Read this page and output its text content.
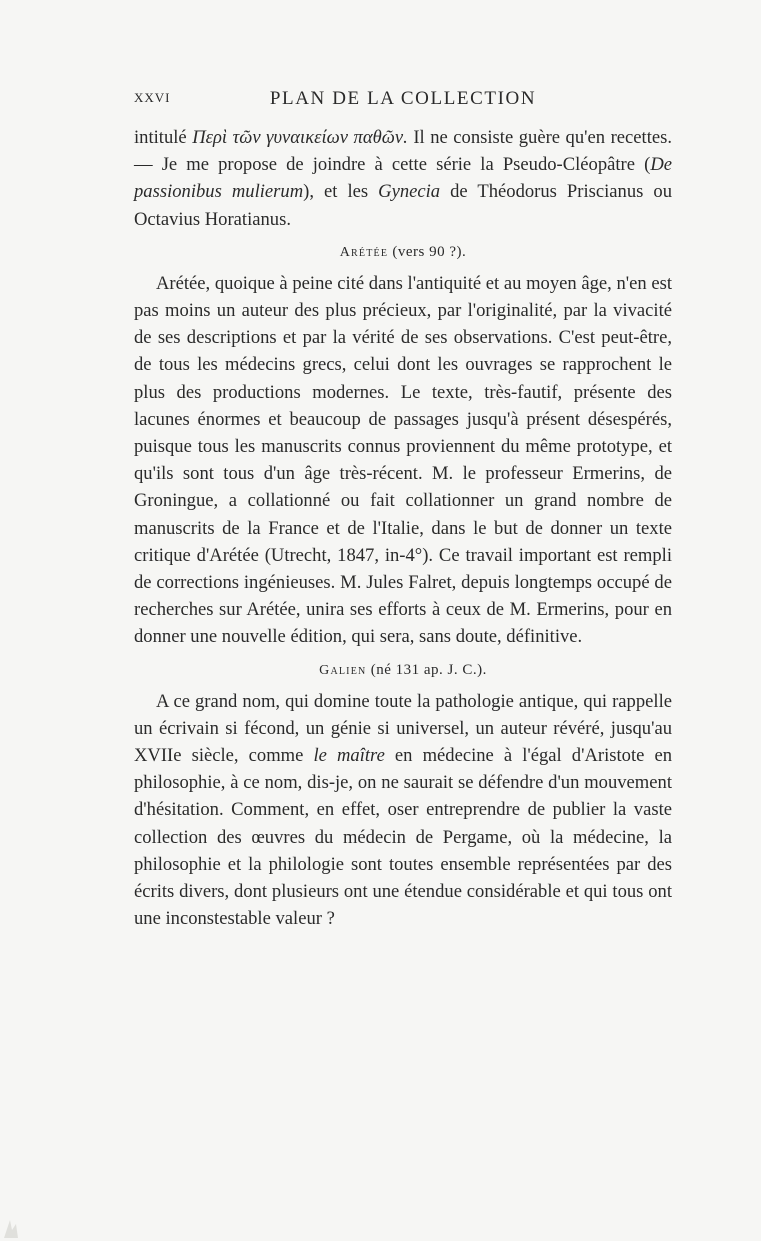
XXVI	PLAN DE LA COLLECTION

intitulé Περὶ τῶν γυναικείων παθῶν. Il ne consiste guère qu'en recettes. — Je me propose de joindre à cette série la Pseudo-Cléopâtre (De passionibus mulierum), et les Gynecia de Théodorus Priscianus ou Octavius Horatianus.

Arétée (vers 90 ?).

Arétée, quoique à peine cité dans l'antiquité et au moyen âge, n'en est pas moins un auteur des plus précieux, par l'originalité, par la vivacité de ses descriptions et par la vérité de ses observations. C'est peut-être, de tous les médecins grecs, celui dont les ouvrages se rapprochent le plus des productions modernes. Le texte, très-fautif, présente des lacunes énormes et beaucoup de passages jusqu'à présent désespérés, puisque tous les manuscrits connus proviennent du même prototype, et qu'ils sont tous d'un âge très-récent. M. le professeur Ermerins, de Groningue, a collationné ou fait collationner un grand nombre de manuscrits de la France et de l'Italie, dans le but de donner un texte critique d'Arétée (Utrecht, 1847, in-4°). Ce travail important est rempli de corrections ingénieuses. M. Jules Falret, depuis longtemps occupé de recherches sur Arétée, unira ses efforts à ceux de M. Ermerins, pour en donner une nouvelle édition, qui sera, sans doute, définitive.

Galien (né 131 ap. J. C.).

A ce grand nom, qui domine toute la pathologie antique, qui rappelle un écrivain si fécond, un génie si universel, un auteur révéré, jusqu'au XVIIe siècle, comme le maître en médecine à l'égal d'Aristote en philosophie, à ce nom, dis-je, on ne saurait se défendre d'un mouvement d'hésitation. Comment, en effet, oser entreprendre de publier la vaste collection des œuvres du médecin de Pergame, où la médecine, la philosophie et la philologie sont toutes ensemble représentées par des écrits divers, dont plusieurs ont une étendue considérable et qui tous ont une inconstestable valeur ?
